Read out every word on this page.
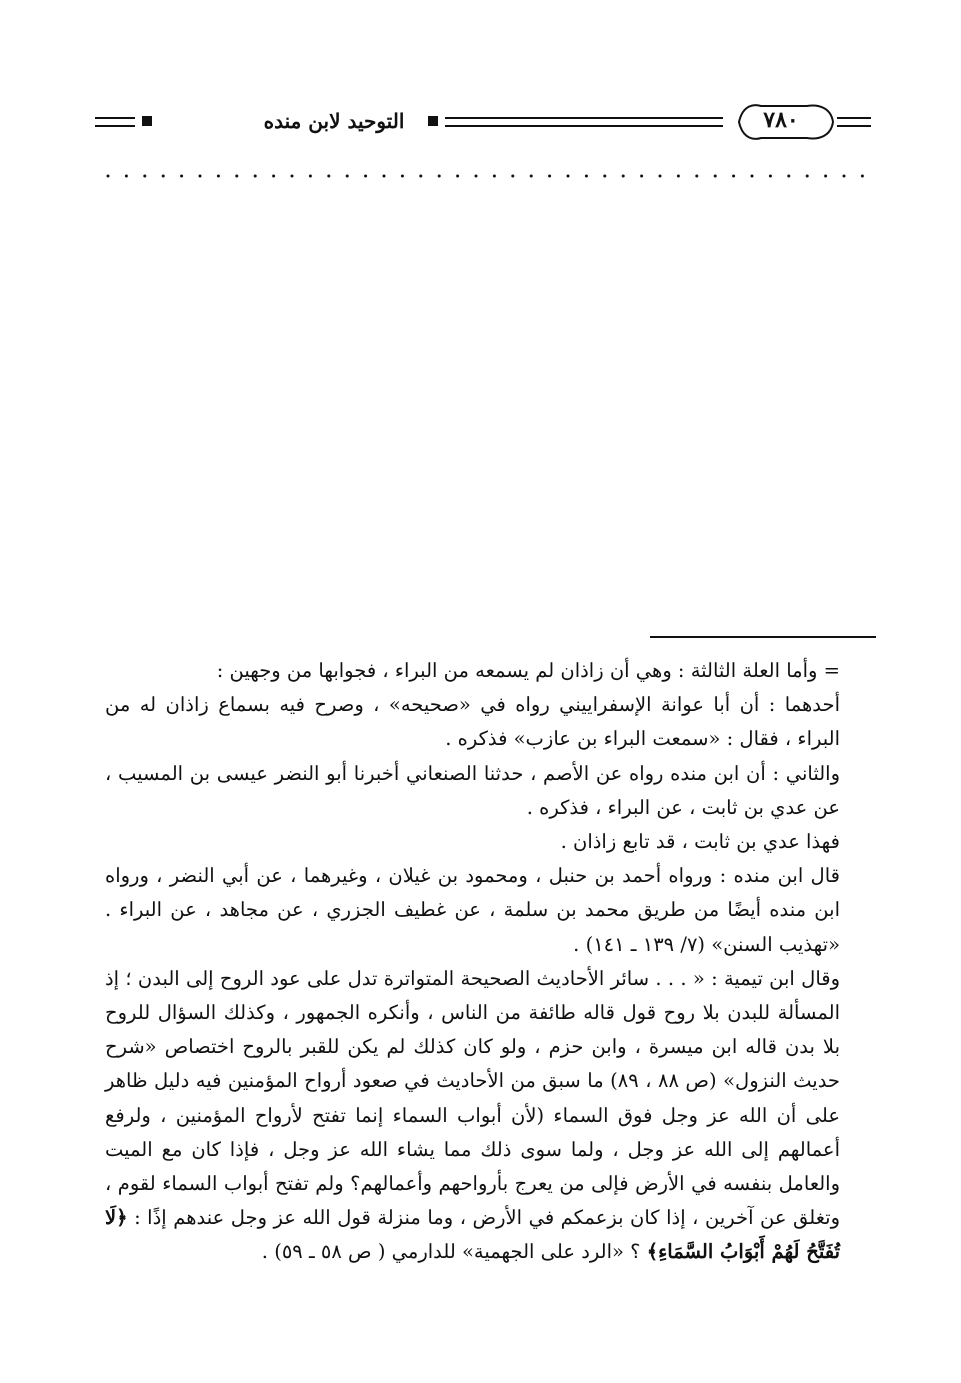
التوحيد لابن منده	٧٨٠

= وأما العلة الثالثة : وهي أن زاذان لم يسمعه من البراء ، فجوابها من وجهين :

أحدهما : أن أبا عوانة الإسفراييني رواه في «صحيحه» ، وصرح فيه بسماع زاذان له من البراء ، فقال : «سمعت البراء بن عازب» فذكره .

والثاني : أن ابن منده رواه عن الأصم ، حدثنا الصنعاني أخبرنا أبو النضر عيسى بن المسيب ، عن عدي بن ثابت ، عن البراء ، فذكره .

فهذا عدي بن ثابت ، قد تابع زاذان .

قال ابن منده : ورواه أحمد بن حنبل ، ومحمود بن غيلان ، وغيرهما ، عن أبي النضر ، ورواه ابن منده أيضًا من طريق محمد بن سلمة ، عن غطيف الجزري ، عن مجاهد ، عن البراء . «تهذيب السنن» (٧/ ١٣٩ ـ ١٤١) .

وقال ابن تيمية : « . . . سائر الأحاديث الصحيحة المتواترة تدل على عود الروح إلى البدن ؛ إذ المسألة للبدن بلا روح قول قاله طائفة من الناس ، وأنكره الجمهور ، وكذلك السؤال للروح بلا بدن قاله ابن ميسرة ، وابن حزم ، ولو كان كذلك لم يكن للقبر بالروح اختصاص «شرح حديث النزول» (ص ٨٨ ، ٨٩) ما سبق من الأحاديث في صعود أرواح المؤمنين فيه دليل ظاهر على أن الله عز وجل فوق السماء (لأن أبواب السماء إنما تفتح لأرواح المؤمنين ، ولرفع أعمالهم إلى الله عز وجل ، ولما سوى ذلك مما يشاء الله عز وجل ، فإذا كان مع الميت والعامل بنفسه في الأرض فإلى من يعرج بأرواحهم وأعمالهم؟ ولم تفتح أبواب السماء لقوم ، وتغلق عن آخرين ، إذا كان بزعمكم في الأرض ، وما منزلة قول الله عز وجل عندهم إذًا : ﴿لَا تُفَتَّحُ لَهُمْ أَبْوَابُ السَّمَاءِ﴾ ؟ «الرد على الجهمية» للدارمي ( ص ٥٨ ـ ٥٩) .
